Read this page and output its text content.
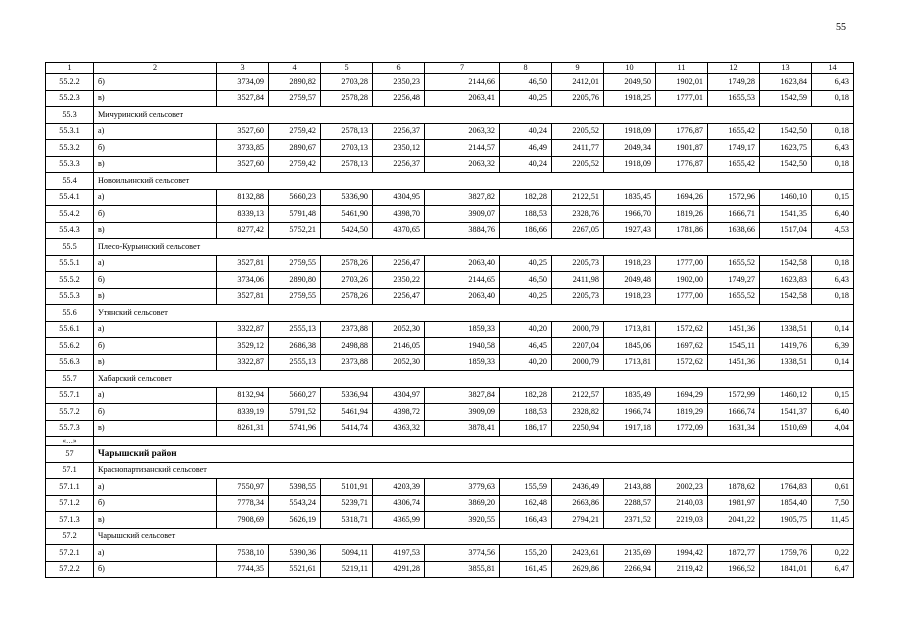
55
1	2	3	4	5	6	7	8	9	10	11	12	13	14
55.2.2	б)	3734,09	2890,82	2703,28	2350,23	2144,66	46,50	2412,01	2049,50	1902,01	1749,28	1623,84	6,43
55.2.3	в)	3527,84	2759,57	2578,28	2256,48	2063,41	40,25	2205,76	1918,25	1777,01	1655,53	1542,59	0,18
55.3	Мичуринский сельсовет												
55.3.1	а)	3527,60	2759,42	2578,13	2256,37	2063,32	40,24	2205,52	1918,09	1776,87	1655,42	1542,50	0,18
55.3.2	б)	3733,85	2890,67	2703,13	2350,12	2144,57	46,49	2411,77	2049,34	1901,87	1749,17	1623,75	6,43
55.3.3	в)	3527,60	2759,42	2578,13	2256,37	2063,32	40,24	2205,52	1918,09	1776,87	1655,42	1542,50	0,18
55.4	Новоильинский сельсовет												
55.4.1	а)	8132,88	5660,23	5336,90	4304,95	3827,82	182,28	2122,51	1835,45	1694,26	1572,96	1460,10	0,15
55.4.2	б)	8339,13	5791,48	5461,90	4398,70	3909,07	188,53	2328,76	1966,70	1819,26	1666,71	1541,35	6,40
55.4.3	в)	8277,42	5752,21	5424,50	4370,65	3884,76	186,66	2267,05	1927,43	1781,86	1638,66	1517,04	4,53
55.5	Плесо-Курьинский сельсовет												
55.5.1	а)	3527,81	2759,55	2578,26	2256,47	2063,40	40,25	2205,73	1918,23	1777,00	1655,52	1542,58	0,18
55.5.2	б)	3734,06	2890,80	2703,26	2350,22	2144,65	46,50	2411,98	2049,48	1902,00	1749,27	1623,83	6,43
55.5.3	в)	3527,81	2759,55	2578,26	2256,47	2063,40	40,25	2205,73	1918,23	1777,00	1655,52	1542,58	0,18
55.6	Утянский сельсовет												
55.6.1	а)	3322,87	2555,13	2373,88	2052,30	1859,33	40,20	2000,79	1713,81	1572,62	1451,36	1338,51	0,14
55.6.2	б)	3529,12	2686,38	2498,88	2146,05	1940,58	46,45	2207,04	1845,06	1697,62	1545,11	1419,76	6,39
55.6.3	в)	3322,87	2555,13	2373,88	2052,30	1859,33	40,20	2000,79	1713,81	1572,62	1451,36	1338,51	0,14
55.7	Хабарский сельсовет												
55.7.1	а)	8132,94	5660,27	5336,94	4304,97	3827,84	182,28	2122,57	1835,49	1694,29	1572,99	1460,12	0,15
55.7.2	б)	8339,19	5791,52	5461,94	4398,72	3909,09	188,53	2328,82	1966,74	1819,29	1666,74	1541,37	6,40
55.7.3	в)	8261,31	5741,96	5414,74	4363,32	3878,41	186,17	2250,94	1917,18	1772,09	1631,34	1510,69	4,04
«…»													
57	Чарышский район												
57.1	Краснопартизанский сельсовет												
57.1.1	а)	7550,97	5398,55	5101,91	4203,39	3779,63	155,59	2436,49	2143,88	2002,23	1878,62	1764,83	0,61
57.1.2	б)	7778,34	5543,24	5239,71	4306,74	3869,20	162,48	2663,86	2288,57	2140,03	1981,97	1854,40	7,50
57.1.3	в)	7908,69	5626,19	5318,71	4365,99	3920,55	166,43	2794,21	2371,52	2219,03	2041,22	1905,75	11,45
57.2	Чарышский сельсовет												
57.2.1	а)	7538,10	5390,36	5094,11	4197,53	3774,56	155,20	2423,61	2135,69	1994,42	1872,77	1759,76	0,22
57.2.2	б)	7744,35	5521,61	5219,11	4291,28	3855,81	161,45	2629,86	2266,94	2119,42	1966,52	1841,01	6,47
